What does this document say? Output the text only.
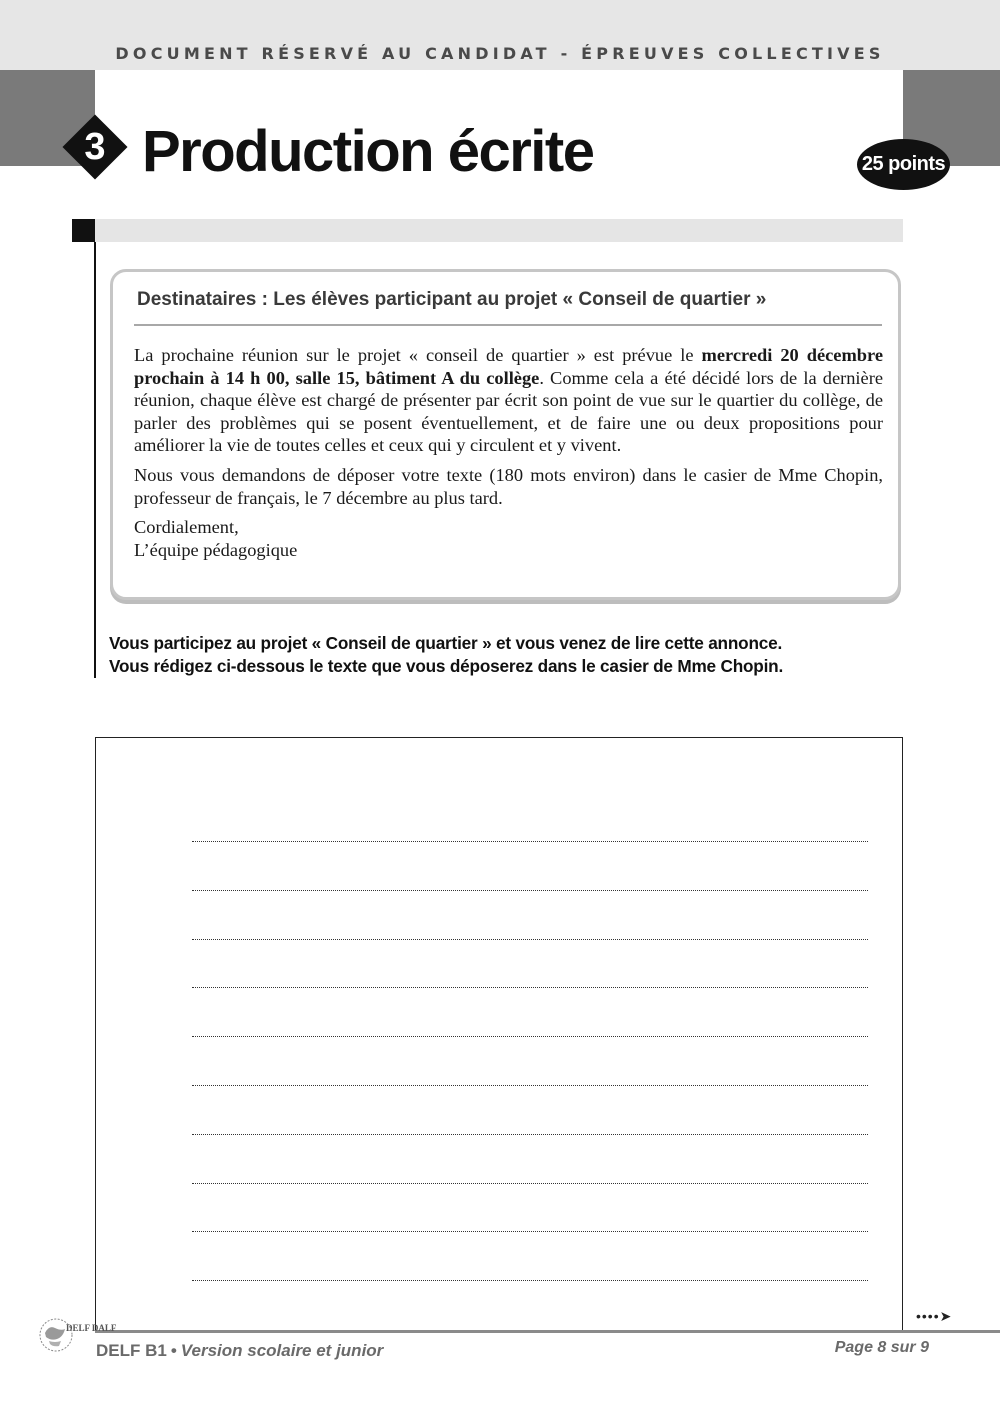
DOCUMENT RÉSERVÉ AU CANDIDAT - ÉPREUVES COLLECTIVES
3 Production écrite	25 points
Destinataires : Les élèves participant au projet « Conseil de quartier »

La prochaine réunion sur le projet « conseil de quartier » est prévue le mercredi 20 décembre prochain à 14 h 00, salle 15, bâtiment A du collège. Comme cela a été décidé lors de la dernière réunion, chaque élève est chargé de présenter par écrit son point de vue sur le quartier du collège, de parler des problèmes qui se posent éventuellement, et de faire une ou deux propositions pour améliorer la vie de toutes celles et ceux qui y circulent et y vivent.

Nous vous demandons de déposer votre texte (180 mots environ) dans le casier de Mme Chopin, professeur de français, le 7 décembre au plus tard.

Cordialement,

L’équipe pédagogique

Vous participez au projet « Conseil de quartier » et vous venez de lire cette annonce.
Vous rédigez ci-dessous le texte que vous déposerez dans le casier de Mme Chopin.
••••➤
DELF DALF
DELF B1 • Version scolaire et junior	Page 8 sur 9
